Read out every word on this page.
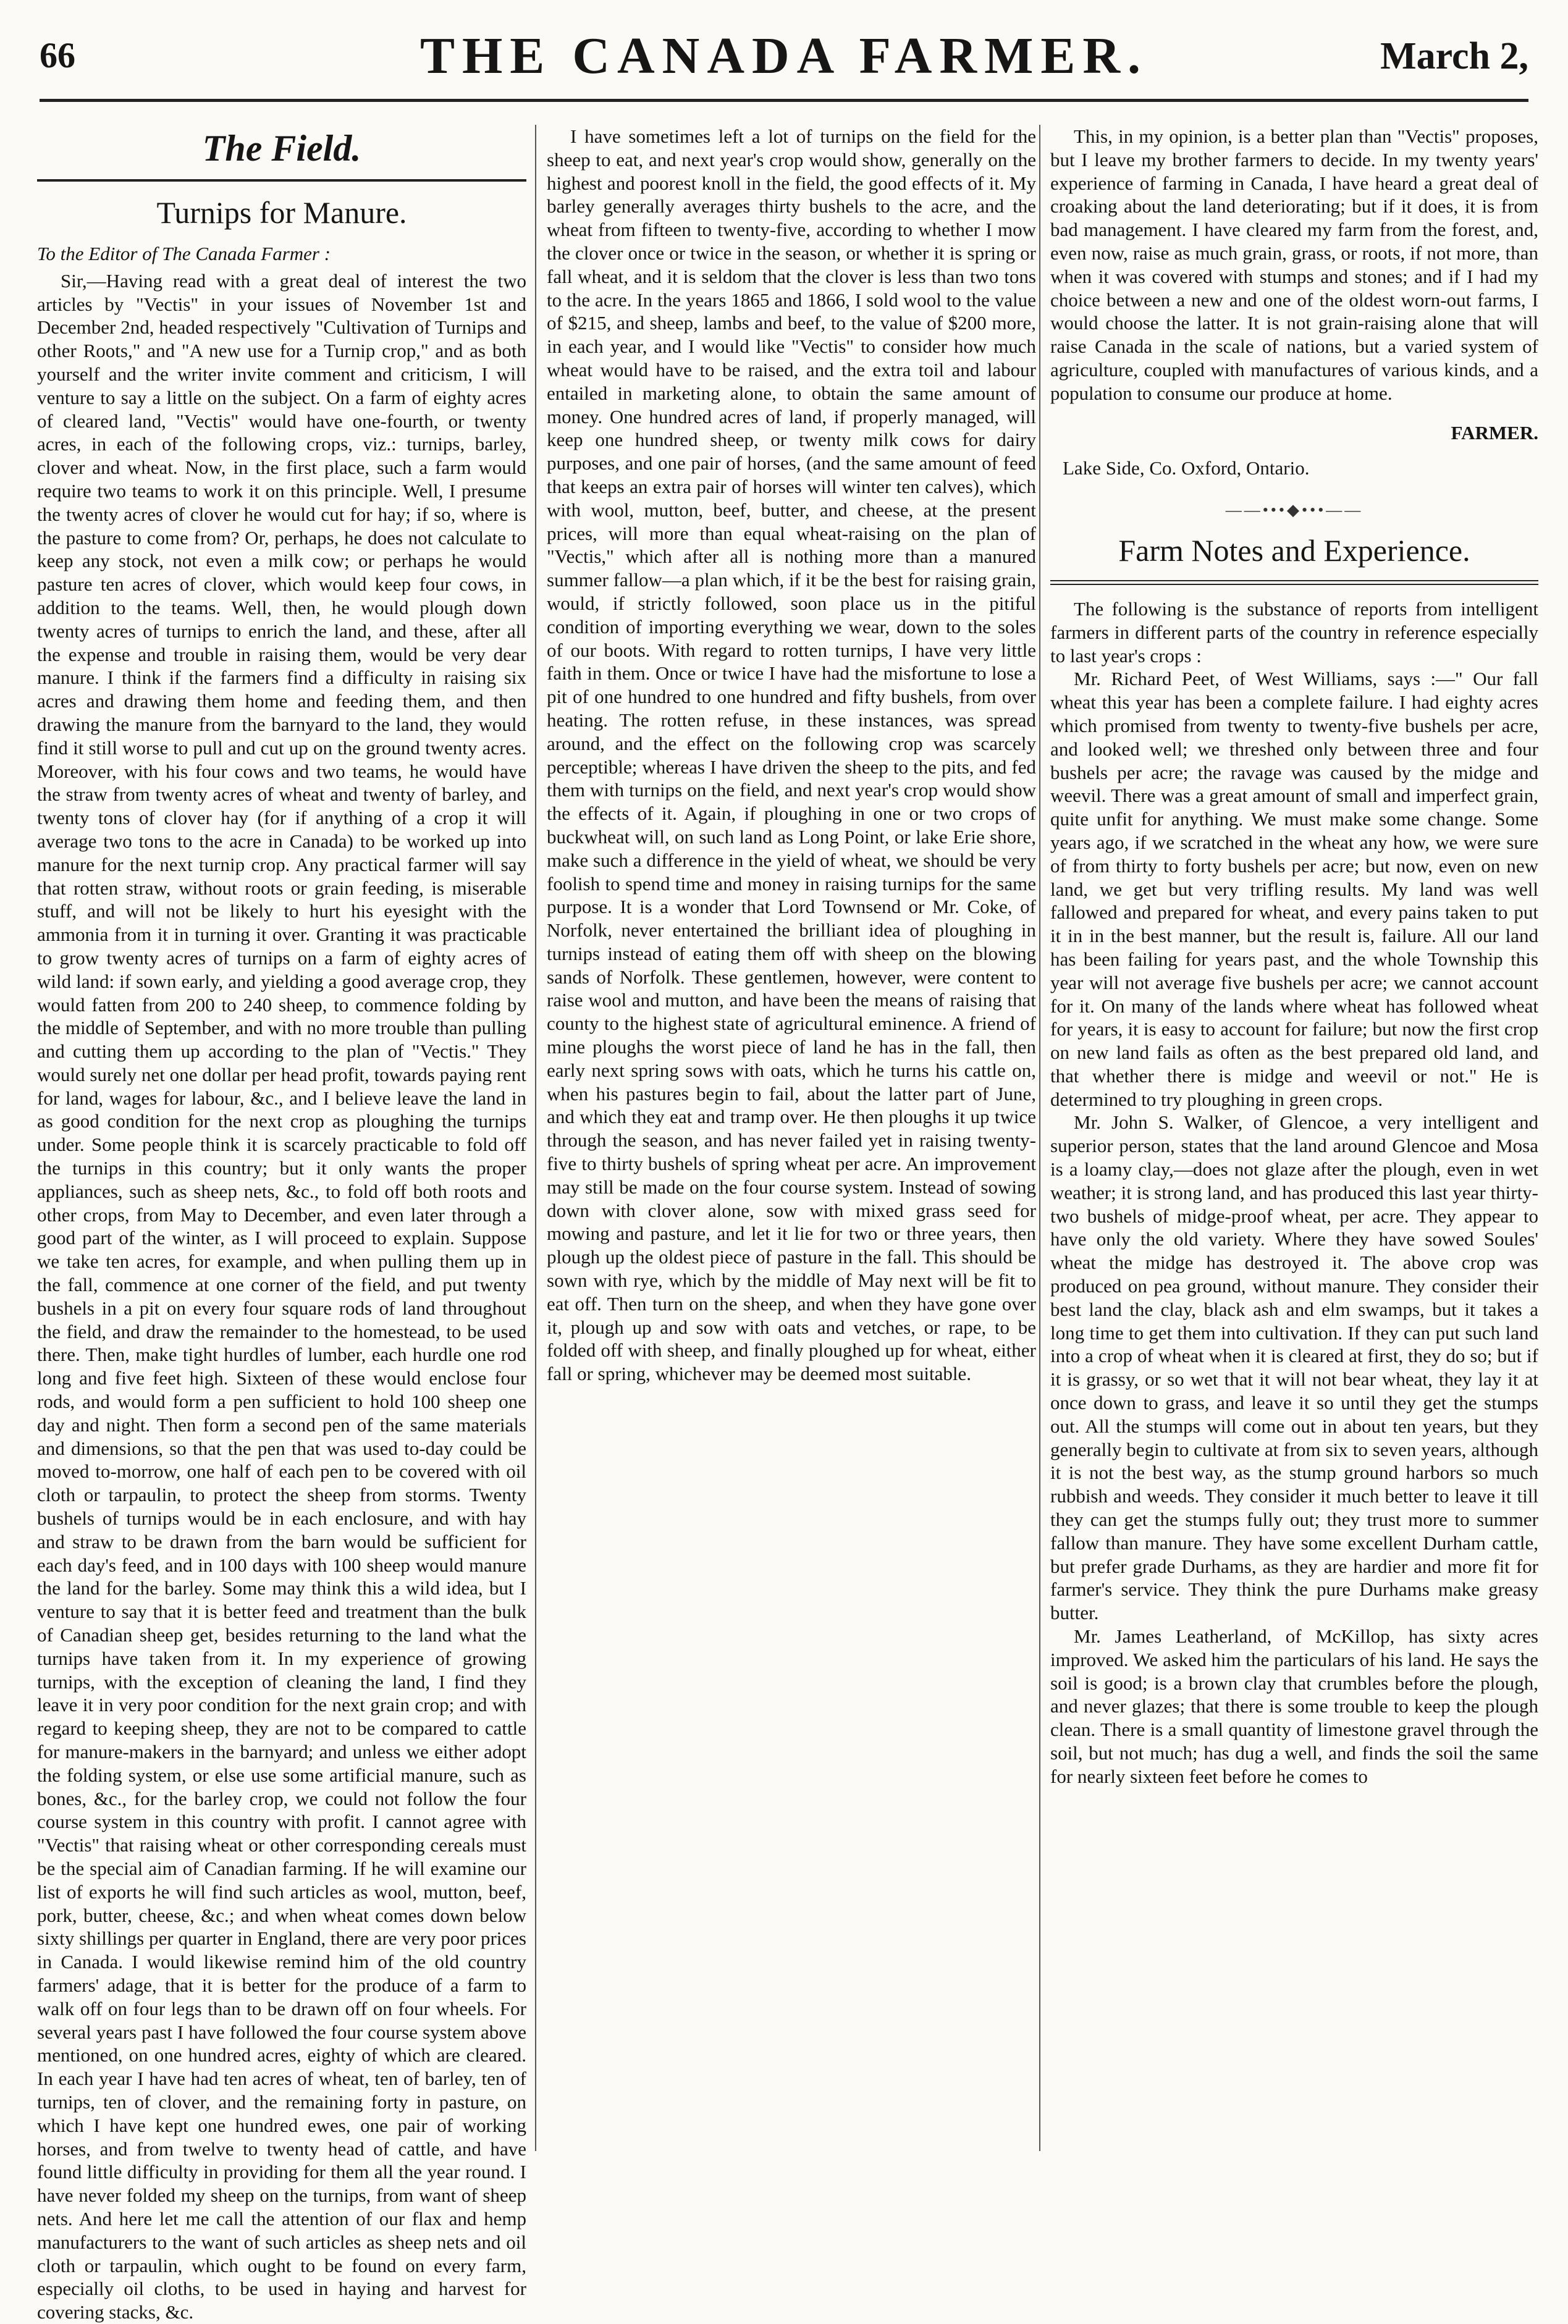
66	THE CANADA FARMER.	March 2,
The Field.
Turnips for Manure.

To the Editor of The Canada Farmer :

Sir,—Having read with a great deal of interest the two articles by "Vectis" in your issues of November 1st and December 2nd, headed respectively "Cultivation of Turnips and other Roots," and "A new use for a Turnip crop," and as both yourself and the writer invite comment and criticism, I will venture to say a little on the subject. On a farm of eighty acres of cleared land, "Vectis" would have one-fourth, or twenty acres, in each of the following crops, viz.: turnips, barley, clover and wheat. Now, in the first place, such a farm would require two teams to work it on this principle. Well, I presume the twenty acres of clover he would cut for hay; if so, where is the pasture to come from? Or, perhaps, he does not calculate to keep any stock, not even a milk cow; or perhaps he would pasture ten acres of clover, which would keep four cows, in addition to the teams. Well, then, he would plough down twenty acres of turnips to enrich the land, and these, after all the expense and trouble in raising them, would be very dear manure. I think if the farmers find a difficulty in raising six acres and drawing them home and feeding them, and then drawing the manure from the barnyard to the land, they would find it still worse to pull and cut up on the ground twenty acres. Moreover, with his four cows and two teams, he would have the straw from twenty acres of wheat and twenty of barley, and twenty tons of clover hay (for if anything of a crop it will average two tons to the acre in Canada) to be worked up into manure for the next turnip crop. Any practical farmer will say that rotten straw, without roots or grain feeding, is miserable stuff, and will not be likely to hurt his eyesight with the ammonia from it in turning it over. Granting it was practicable to grow twenty acres of turnips on a farm of eighty acres of wild land: if sown early, and yielding a good average crop, they would fatten from 200 to 240 sheep, to commence folding by the middle of September, and with no more trouble than pulling and cutting them up according to the plan of "Vectis." They would surely net one dollar per head profit, towards paying rent for land, wages for labour, &c., and I believe leave the land in as good condition for the next crop as ploughing the turnips under. Some people think it is scarcely practicable to fold off the turnips in this country; but it only wants the proper appliances, such as sheep nets, &c., to fold off both roots and other crops, from May to December, and even later through a good part of the winter, as I will proceed to explain. Suppose we take ten acres, for example, and when pulling them up in the fall, commence at one corner of the field, and put twenty bushels in a pit on every four square rods of land throughout the field, and draw the remainder to the homestead, to be used there. Then, make tight hurdles of lumber, each hurdle one rod long and five feet high. Sixteen of these would enclose four rods, and would form a pen sufficient to hold 100 sheep one day and night. Then form a second pen of the same materials and dimensions, so that the pen that was used to-day could be moved to-morrow, one half of each pen to be covered with oil cloth or tarpaulin, to protect the sheep from storms. Twenty bushels of turnips would be in each enclosure, and with hay and straw to be drawn from the barn would be sufficient for each day's feed, and in 100 days with 100 sheep would manure the land for the barley. Some may think this a wild idea, but I venture to say that it is better feed and treatment than the bulk of Canadian sheep get, besides returning to the land what the turnips have taken from it. In my experience of growing turnips, with the exception of cleaning the land, I find they leave it in very poor condition for the next grain crop; and with regard to keeping sheep, they are not to be compared to cattle for manure-makers in the barnyard; and unless we either adopt the folding system, or else use some artificial manure, such as bones, &c., for the barley crop, we could not follow the four course system in this country with profit. I cannot agree with "Vectis" that raising wheat or other corresponding cereals must be the special aim of Canadian farming. If he will examine our list of exports he will find such articles as wool, mutton, beef, pork, butter, cheese, &c.; and when wheat comes down below sixty shillings per quarter in England, there are very poor prices in Canada. I would likewise remind him of the old country farmers' adage, that it is better for the produce of a farm to walk off on four legs than to be drawn off on four wheels. For several years past I have followed the four course system above mentioned, on one hundred acres, eighty of which are cleared. In each year I have had ten acres of wheat, ten of barley, ten of turnips, ten of clover, and the remaining forty in pasture, on which I have kept one hundred ewes, one pair of working horses, and from twelve to twenty head of cattle, and have found little difficulty in providing for them all the year round. I have never folded my sheep on the turnips, from want of sheep nets. And here let me call the attention of our flax and hemp manufacturers to the want of such articles as sheep nets and oil cloth or tarpaulin, which ought to be found on every farm, especially oil cloths, to be used in haying and harvest for covering stacks, &c.

I have sometimes left a lot of turnips on the field for the sheep to eat, and next year's crop would show, generally on the highest and poorest knoll in the field, the good effects of it. My barley generally averages thirty bushels to the acre, and the wheat from fifteen to twenty-five, according to whether I mow the clover once or twice in the season, or whether it is spring or fall wheat, and it is seldom that the clover is less than two tons to the acre. In the years 1865 and 1866, I sold wool to the value of $215, and sheep, lambs and beef, to the value of $200 more, in each year, and I would like "Vectis" to consider how much wheat would have to be raised, and the extra toil and labour entailed in marketing alone, to obtain the same amount of money. One hundred acres of land, if properly managed, will keep one hundred sheep, or twenty milk cows for dairy purposes, and one pair of horses, (and the same amount of feed that keeps an extra pair of horses will winter ten calves), which with wool, mutton, beef, butter, and cheese, at the present prices, will more than equal wheat-raising on the plan of "Vectis," which after all is nothing more than a manured summer fallow—a plan which, if it be the best for raising grain, would, if strictly followed, soon place us in the pitiful condition of importing everything we wear, down to the soles of our boots. With regard to rotten turnips, I have very little faith in them. Once or twice I have had the misfortune to lose a pit of one hundred to one hundred and fifty bushels, from over heating. The rotten refuse, in these instances, was spread around, and the effect on the following crop was scarcely perceptible; whereas I have driven the sheep to the pits, and fed them with turnips on the field, and next year's crop would show the effects of it. Again, if ploughing in one or two crops of buckwheat will, on such land as Long Point, or lake Erie shore, make such a difference in the yield of wheat, we should be very foolish to spend time and money in raising turnips for the same purpose. It is a wonder that Lord Townsend or Mr. Coke, of Norfolk, never entertained the brilliant idea of ploughing in turnips instead of eating them off with sheep on the blowing sands of Norfolk. These gentlemen, however, were content to raise wool and mutton, and have been the means of raising that county to the highest state of agricultural eminence. A friend of mine ploughs the worst piece of land he has in the fall, then early next spring sows with oats, which he turns his cattle on, when his pastures begin to fail, about the latter part of June, and which they eat and tramp over. He then ploughs it up twice through the season, and has never failed yet in raising twenty-five to thirty bushels of spring wheat per acre. An improvement may still be made on the four course system. Instead of sowing down with clover alone, sow with mixed grass seed for mowing and pasture, and let it lie for two or three years, then plough up the oldest piece of pasture in the fall. This should be sown with rye, which by the middle of May next will be fit to eat off. Then turn on the sheep, and when they have gone over it, plough up and sow with oats and vetches, or rape, to be folded off with sheep, and finally ploughed up for wheat, either fall or spring, whichever may be deemed most suitable.

This, in my opinion, is a better plan than "Vectis" proposes, but I leave my brother farmers to decide. In my twenty years' experience of farming in Canada, I have heard a great deal of croaking about the land deteriorating; but if it does, it is from bad management. I have cleared my farm from the forest, and, even now, raise as much grain, grass, or roots, if not more, than when it was covered with stumps and stones; and if I had my choice between a new and one of the oldest worn-out farms, I would choose the latter. It is not grain-raising alone that will raise Canada in the scale of nations, but a varied system of agriculture, coupled with manufactures of various kinds, and a population to consume our produce at home.

FARMER.

Lake Side, Co. Oxford, Ontario.

——•••◆•••——
Farm Notes and Experience.

The following is the substance of reports from intelligent farmers in different parts of the country in reference especially to last year's crops :

Mr. Richard Peet, of West Williams, says :—" Our fall wheat this year has been a complete failure. I had eighty acres which promised from twenty to twenty-five bushels per acre, and looked well; we threshed only between three and four bushels per acre; the ravage was caused by the midge and weevil. There was a great amount of small and imperfect grain, quite unfit for anything. We must make some change. Some years ago, if we scratched in the wheat any how, we were sure of from thirty to forty bushels per acre; but now, even on new land, we get but very trifling results. My land was well fallowed and prepared for wheat, and every pains taken to put it in in the best manner, but the result is, failure. All our land has been failing for years past, and the whole Township this year will not average five bushels per acre; we cannot account for it. On many of the lands where wheat has followed wheat for years, it is easy to account for failure; but now the first crop on new land fails as often as the best prepared old land, and that whether there is midge and weevil or not." He is determined to try ploughing in green crops.

Mr. John S. Walker, of Glencoe, a very intelligent and superior person, states that the land around Glencoe and Mosa is a loamy clay,—does not glaze after the plough, even in wet weather; it is strong land, and has produced this last year thirty-two bushels of midge-proof wheat, per acre. They appear to have only the old variety. Where they have sowed Soules' wheat the midge has destroyed it. The above crop was produced on pea ground, without manure. They consider their best land the clay, black ash and elm swamps, but it takes a long time to get them into cultivation. If they can put such land into a crop of wheat when it is cleared at first, they do so; but if it is grassy, or so wet that it will not bear wheat, they lay it at once down to grass, and leave it so until they get the stumps out. All the stumps will come out in about ten years, but they generally begin to cultivate at from six to seven years, although it is not the best way, as the stump ground harbors so much rubbish and weeds. They consider it much better to leave it till they can get the stumps fully out; they trust more to summer fallow than manure. They have some excellent Durham cattle, but prefer grade Durhams, as they are hardier and more fit for farmer's service. They think the pure Durhams make greasy butter.

Mr. James Leatherland, of McKillop, has sixty acres improved. We asked him the particulars of his land. He says the soil is good; is a brown clay that crumbles before the plough, and never glazes; that there is some trouble to keep the plough clean. There is a small quantity of limestone gravel through the soil, but not much; has dug a well, and finds the soil the same for nearly sixteen feet before he comes to
